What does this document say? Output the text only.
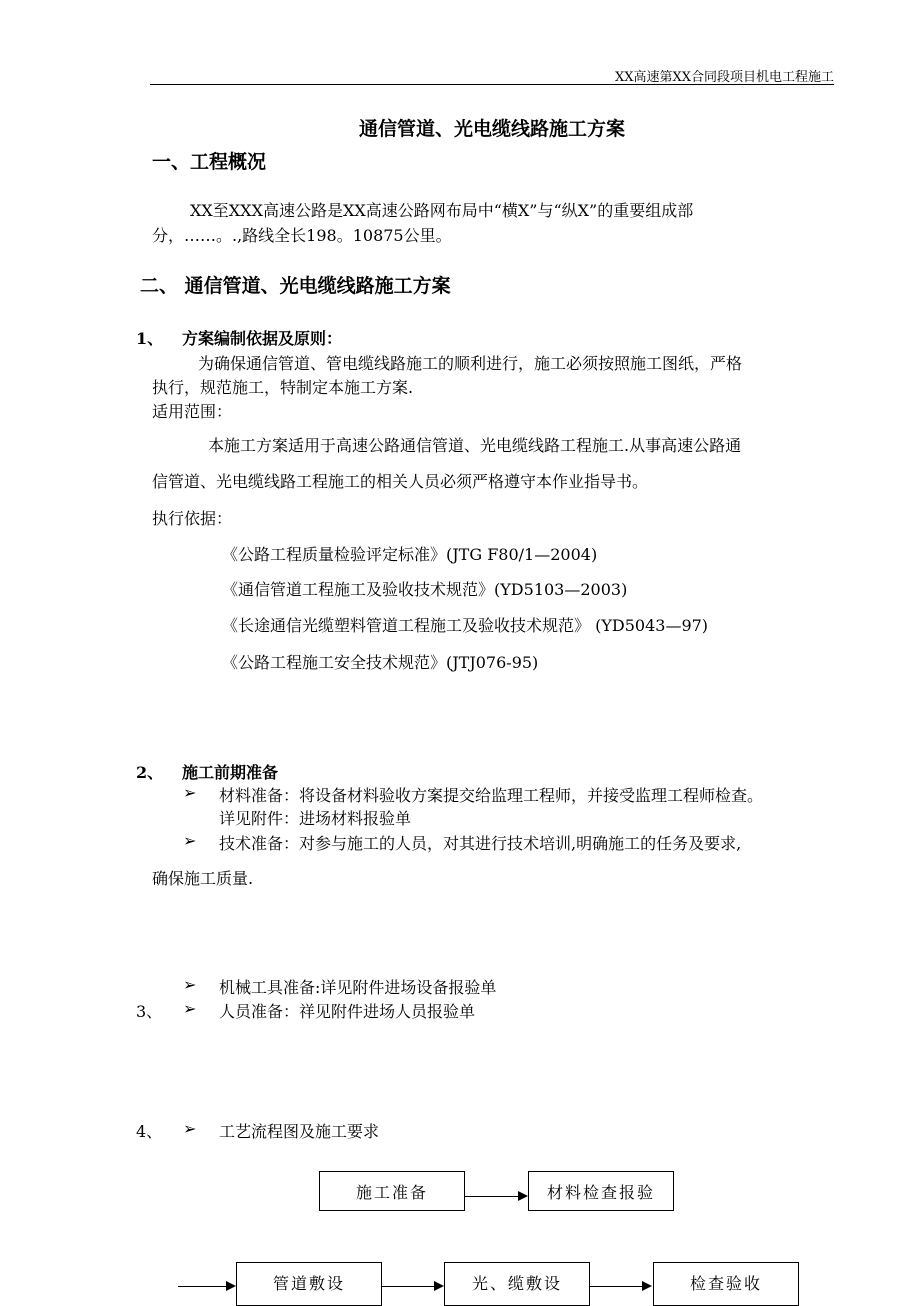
XX高速第XX合同段项目机电工程施工
通信管道、光电缆线路施工方案
一、工程概况
XX至XXX高速公路是XX高速公路网布局中“横X”与“纵X”的重要组成部
分，……。.,路线全长198。10875公里。
二、 通信管道、光电缆线路施工方案
1、 方案编制依据及原则：
为确保通信管道、管电缆线路施工的顺利进行，施工必须按照施工图纸，严格
执行，规范施工，特制定本施工方案.
适用范围：
本施工方案适用于高速公路通信管道、光电缆线路工程施工.从事高速公路通
信管道、光电缆线路工程施工的相关人员必须严格遵守本作业指导书。
执行依据：
《公路工程质量检验评定标准》(JTG F80/1—2004)
《通信管道工程施工及验收技术规范》(YD5103—2003)
《长途通信光缆塑料管道工程施工及验收技术规范》 (YD5043—97)
《公路工程施工安全技术规范》(JTJ076-95)
2、 施工前期准备
➢ 材料准备：将设备材料验收方案提交给监理工程师，并接受监理工程师检查。
详见附件：进场材料报验单
➢ 技术准备：对参与施工的人员，对其进行技术培训,明确施工的任务及要求,
确保施工质量.
➢ 机械工具准备:详见附件进场设备报验单
3、 ➢ 人员准备：祥见附件进场人员报验单
4、 ➢ 工艺流程图及施工要求
施工准备	材料检查报验
管道敷设	光、缆敷设	检查验收
